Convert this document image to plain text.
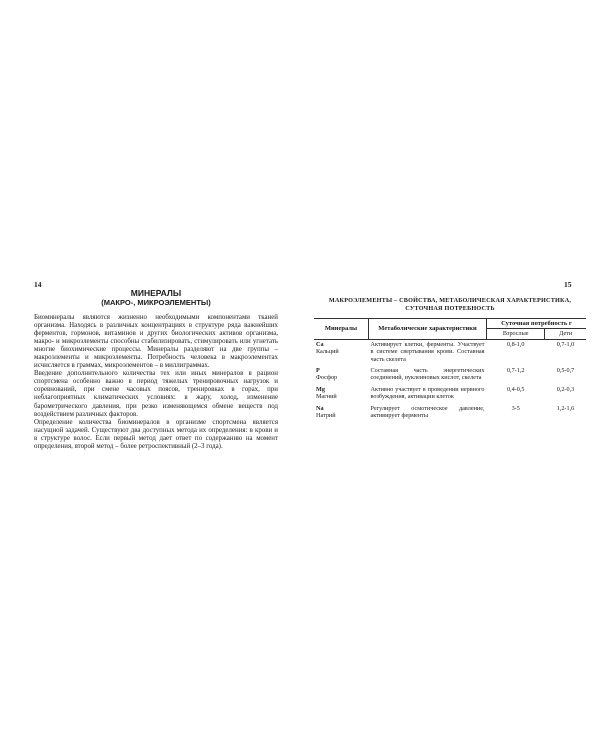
14
МИНЕРАЛЫ
(МАКРО-, МИКРОЭЛЕМЕНТЫ)

Биоминералы являются жизненно необходимыми компонентами тканей организма. Находясь в различных концентрациях в структуре ряда важнейших ферментов, гормонов, витаминов и других биологических активов организма, макро- и микроэлементы способны стабилизировать, стимулировать или угнетать многие биохимические процессы. Минералы разделяют на две группы – макроэлементы и микроэлементы. Потребность человека в макроэлементах исчисляется в граммах, микроэлементов – в миллиграммах.

Введение дополнительного количества тех или иных минералов в рацион спортсмена особенно важно в период тяжелых тренировочных нагрузок и соревнований, при смене часовых поясов, тренировках в горах, при неблагоприятных климатических условиях: в жару, холод, изменение барометрического давления, при резко изменяющемся обмене веществ под воздействием различных факторов.

Определение количества биоминералов в организме спортсмена является насущной задачей. Существуют два доступных метода их определения: в крови и в структуре волос. Если первый метод дает ответ по содержанию на момент определения, второй метод – более ретроспективный (2–3 года).

15
МАКРОЭЛЕМЕНТЫ – СВОЙСТВА, МЕТАБОЛИЧЕСКАЯ ХАРАКТЕРИСТИКА,
СУТОЧНАЯ ПОТРЕБНОСТЬ
Минералы	Метаболические характеристики	Суточная потребность г	
		Взрослые	Дети

Ca
Кальций	Активирует клетки, ферменты. Участвует в системе свертывания крови. Составная часть скелета	0,8-1,0	0,7-1,0

P
Фосфор	Составная часть энергетических соединений, нуклеиновых кислот, скелета	0,7-1,2	0,5-0,7

Mg
Магний	Активно участвует в проведении нервного возбуждения, активации клеток	0,4-0,5	0,2-0,3

Na
Натрий	Регулирует осмотическое давление, активирует ферменты	3-5	1,2-1,6
